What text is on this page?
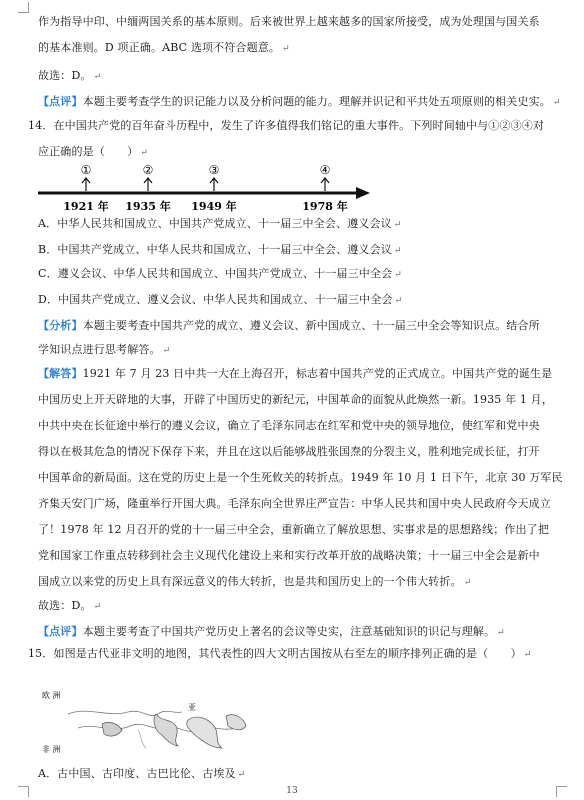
作为指导中印、中缅两国关系的基本原则。后来被世界上越来越多的国家所接受，成为处理国与国关系
的基本准则。D 项正确。ABC 选项不符合题意。 ↵
故选：D。 ↵
【点评】本题主要考查学生的识记能力以及分析问题的能力。理解并识记和平共处五项原则的相关史实。 ↵
14．在中国共产党的百年奋斗历程中，发生了许多值得我们铭记的重大事件。下列时间轴中与①②③④对
应正确的是（　　） ↵
①
1921 年
②
1935 年
③
1949 年
④
1978 年
A．中华人民共和国成立、中国共产党成立、十一届三中全会、遵义会议 ↵
B．中国共产党成立、中华人民共和国成立、十一届三中全会、遵义会议 ↵
C．遵义会议、中华人民共和国成立、中国共产党成立、十一届三中全会 ↵
D．中国共产党成立、遵义会议、中华人民共和国成立、十一届三中全会 ↵
【分析】本题主要考查中国共产党的成立、遵义会议、新中国成立、十一届三中全会等知识点。结合所
学知识点进行思考解答。 ↵
【解答】1921 年 7 月 23 日中共一大在上海召开，标志着中国共产党的正式成立。中国共产党的诞生是
中国历史上开天辟地的大事，开辟了中国历史的新纪元，中国革命的面貌从此焕然一新。1935 年 1 月，
中共中央在长征途中举行的遵义会议，确立了毛泽东同志在红军和党中央的领导地位，使红军和党中央
得以在极其危急的情况下保存下来，并且在这以后能够战胜张国焘的分裂主义，胜利地完成长征，打开
中国革命的新局面。这在党的历史上是一个生死攸关的转折点。1949 年 10 月 1 日下午，北京 30 万军民
齐集天安门广场，隆重举行开国大典。毛泽东向全世界庄严宣告：中华人民共和国中央人民政府今天成立
了！1978 年 12 月召开的党的十一届三中全会，重新确立了解放思想、实事求是的思想路线；作出了把
党和国家工作重点转移到社会主义现代化建设上来和实行改革开放的战略决策；十一届三中全会是新中
国成立以来党的历史上具有深远意义的伟大转折，也是共和国历史上的一个伟大转折。 ↵
故选：D。 ↵
【点评】本题主要考查了中国共产党历史上著名的会议等史实，注意基础知识的识记与理解。 ↵
15．如图是古代亚非文明的地图，其代表性的四大文明古国按从右至左的顺序排列正确的是（　　） ↵
欧 洲
亚
非 洲
A．古中国、古印度、古巴比伦、古埃及 ↵
13
